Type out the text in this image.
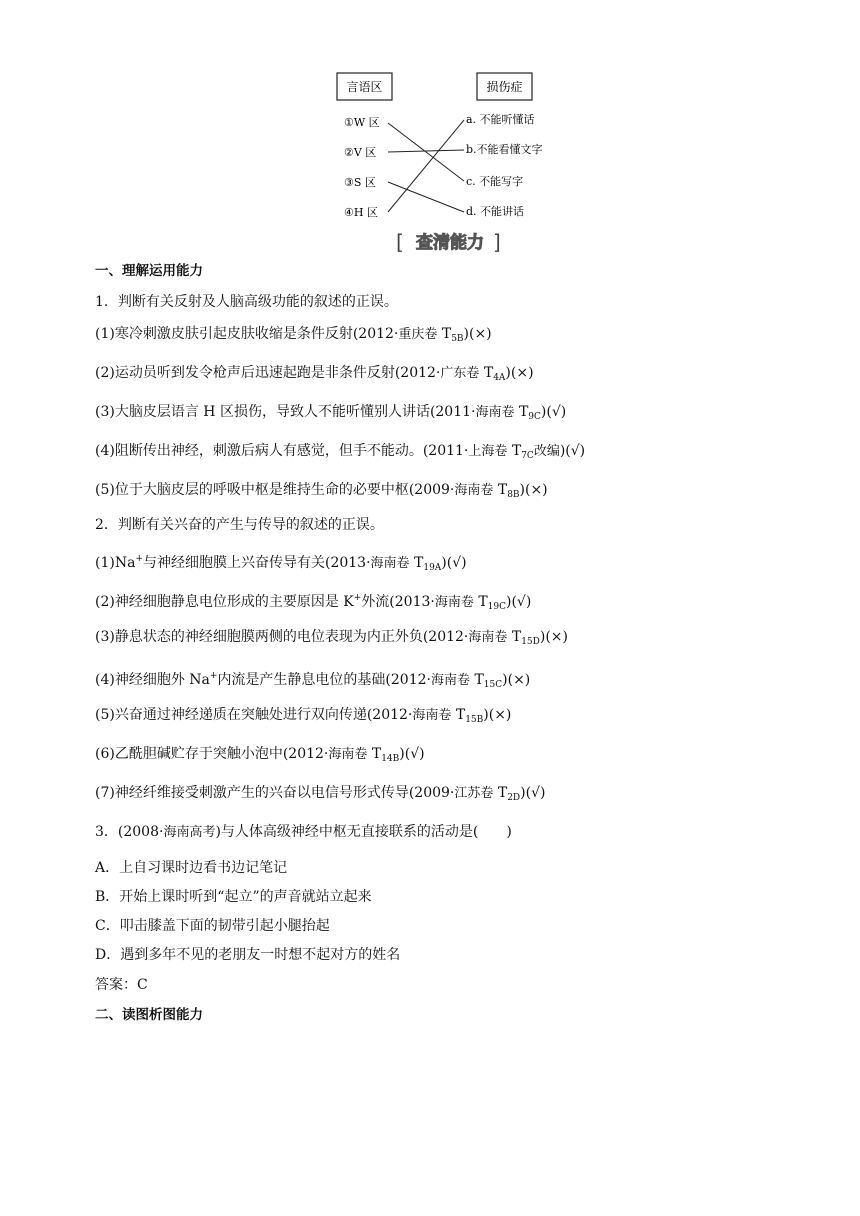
言语区	损伤症
①W 区
②V 区
③S 区
④H 区
a. 不能听懂话
b.不能看懂文字
c. 不能写字
d. 不能讲话
[ 查清能力 ]
一、理解运用能力
1．判断有关反射及人脑高级功能的叙述的正误。
(1)寒冷刺激皮肤引起皮肤收缩是条件反射(2012·重庆卷 $T_{5B})(\times)$
(2)运动员听到发令枪声后迅速起跑是非条件反射(2012·广东卷 $T_{4A})(\times)$
(3)大脑皮层语言 H 区损伤，导致人不能听懂别人讲话(2011·海南卷 $T_{9C})(√)$
(4)阻断传出神经，刺激后病人有感觉，但手不能动。(2011·上海卷 $T_{7C}$改编)(√)
(5)位于大脑皮层的呼吸中枢是维持生命的必要中枢(2009·海南卷 $T_{8B})(\times)$
2．判断有关兴奋的产生与传导的叙述的正误。
(1)Na+与神经细胞膜上兴奋传导有关(2013·海南卷 $T_{19A})(√)$
(2)神经细胞静息电位形成的主要原因是 K+外流(2013·海南卷 $T_{19C})(√)$
(3)静息状态的神经细胞膜两侧的电位表现为内正外负(2012·海南卷 $T_{15D})(\times)$
(4)神经细胞外 Na+内流是产生静息电位的基础(2012·海南卷 $T_{15C})(\times)$
(5)兴奋通过神经递质在突触处进行双向传递(2012·海南卷 $T_{15B})(\times)$
(6)乙酰胆碱贮存于突触小泡中(2012·海南卷 $T_{14B})(√)$
(7)神经纤维接受刺激产生的兴奋以电信号形式传导(2009·江苏卷 $T_{2D})(√)$
3．(2008·海南高考)与人体高级神经中枢无直接联系的活动是(　　)
A．上自习课时边看书边记笔记
B．开始上课时听到“起立”的声音就站立起来
C．叩击膝盖下面的韧带引起小腿抬起
D．遇到多年不见的老朋友一时想不起对方的姓名
答案：C
二、读图析图能力
